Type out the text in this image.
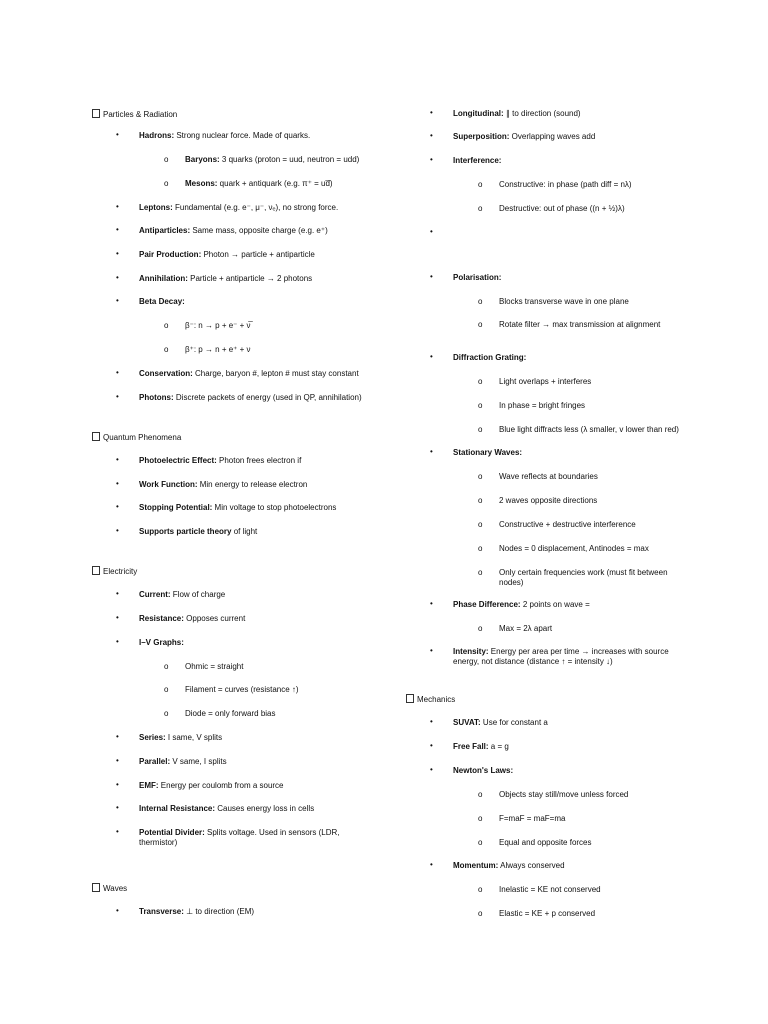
Particles & Radiation
•	Hadrons: Strong nuclear force. Made of quarks.
o Baryons: 3 quarks (proton = uud, neutron = udd)
o Mesons: quark + antiquark (e.g. π⁺ = ud̅)
•	Leptons: Fundamental (e.g. e⁻, μ⁻, νₑ), no strong force.
•	Antiparticles: Same mass, opposite charge (e.g. e⁺)
•	Pair Production: Photon → particle + antiparticle
•	Annihilation: Particle + antiparticle → 2 photons
•	Beta Decay:
o β⁻: n → p + e⁻ + ν̅
o β⁺: p → n + e⁺ + ν
•	Conservation: Charge, baryon #, lepton # must stay constant
•	Photons: Discrete packets of energy (used in QP, annihilation)
Quantum Phenomena
•	Photoelectric Effect: Photon frees electron if
•	Work Function: Min energy to release electron
•	Stopping Potential: Min voltage to stop photoelectrons
•	Supports particle theory of light
Electricity
•	Current: Flow of charge
•	Resistance: Opposes current
•	I–V Graphs:
o Ohmic = straight
o Filament = curves (resistance ↑)
o Diode = only forward bias
•	Series: I same, V splits
•	Parallel: V same, I splits
•	EMF: Energy per coulomb from a source
•	Internal Resistance: Causes energy loss in cells
•	Potential Divider: Splits voltage. Used in sensors (LDR, thermistor)
Waves
•	Transverse: ⊥ to direction (EM)
•	Longitudinal: ∥ to direction (sound)
•	Superposition: Overlapping waves add
•	Interference:
o Constructive: in phase (path diff = nλ)
o Destructive: out of phase ((n + ½)λ)
•
•	Polarisation:
o Blocks transverse wave in one plane
o Rotate filter → max transmission at alignment
•	Diffraction Grating:
o Light overlaps + interferes
o In phase = bright fringes
o Blue light diffracts less (λ smaller, v lower than red)
•	Stationary Waves:
o Wave reflects at boundaries
o 2 waves opposite directions
o Constructive + destructive interference
o Nodes = 0 displacement, Antinodes = max
o Only certain frequencies work (must fit between nodes)
•	Phase Difference: 2 points on wave =
o Max = 2λ apart
•	Intensity: Energy per area per time → increases with source energy, not distance (distance ↑ = intensity ↓)
Mechanics
•	SUVAT: Use for constant a
•	Free Fall: a = g
•	Newton's Laws:
o Objects stay still/move unless forced
o F=maF = maF=ma
o Equal and opposite forces
•	Momentum: Always conserved
o Inelastic = KE not conserved
o Elastic = KE + p conserved
